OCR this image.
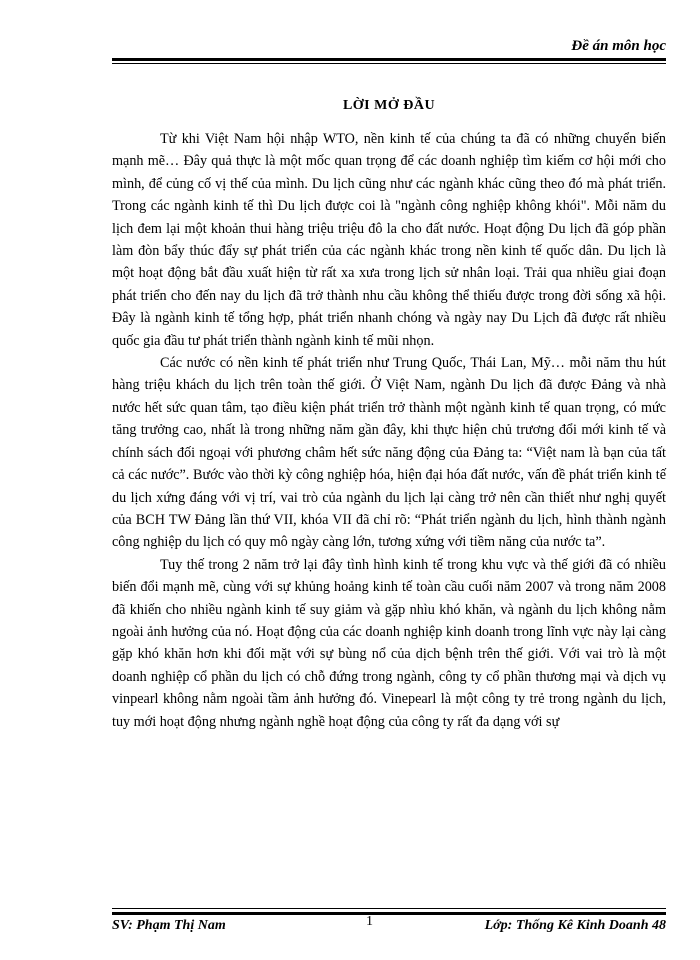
Đề án môn học
LỜI MỞ ĐẦU

Từ khi Việt Nam hội nhập WTO, nền kinh tế của chúng ta đã có những chuyển biến mạnh mẽ… Đây quả thực là một mốc quan trọng để các doanh nghiệp tìm kiếm cơ hội mới cho mình, để củng cố vị thế của mình. Du lịch cũng như các ngành khác cũng theo đó mà phát triển. Trong các ngành kinh tế thì Du lịch được coi là "ngành công nghiệp không khói". Mỗi năm du lịch đem lại một khoản thui hàng triệu triệu đô la cho đất nước. Hoạt động Du lịch đã góp phần làm đòn bẩy thúc đẩy sự phát triển của các ngành khác trong nền kinh tế quốc dân. Du lịch là một hoạt động bắt đầu xuất hiện từ rất xa xưa trong lịch sử nhân loại. Trải qua nhiều giai đoạn phát triển cho đến nay du lịch đã trở thành nhu cầu không thể thiếu được trong đời sống xã hội. Đây là ngành kinh tế tổng hợp, phát triển nhanh chóng và ngày nay Du Lịch đã được rất nhiều quốc gia đầu tư phát triển thành ngành kinh tế mũi nhọn.

Các nước có nền kinh tế phát triển như Trung Quốc, Thái Lan, Mỹ… mỗi năm thu hút hàng triệu khách du lịch trên toàn thế giới. Ở Việt Nam, ngành Du lịch đã được Đảng và nhà nước hết sức quan tâm, tạo điều kiện phát triển trở thành một ngành kinh tế quan trọng, có mức tăng trưởng cao, nhất là trong những năm gần đây, khi thực hiện chủ trương đổi mới kinh tế và chính sách đối ngoại với phương châm hết sức năng động của Đảng ta: “Việt nam là bạn của tất cả các nước”. Bước vào thời kỳ công nghiệp hóa, hiện đại hóa đất nước, vấn đề phát triển kinh tế du lịch xứng đáng với vị trí, vai trò của ngành du lịch lại càng trở nên cần thiết như nghị quyết của BCH TW Đảng lần thứ VII, khóa VII đã chỉ rõ: “Phát triển ngành du lịch, hình thành ngành công nghiệp du lịch có quy mô ngày càng lớn, tương xứng với tiềm năng của nước ta”.

Tuy thế trong 2 năm trở lại đây tình hình kinh tế trong khu vực và thế giới đã có nhiều biến đổi mạnh mẽ, cùng với sự khủng hoảng kinh tế toàn cầu cuối năm 2007 và trong năm 2008 đã khiến cho nhiều ngành kinh tế suy giảm và gặp nhìu khó khăn, và ngành du lịch không nằm ngoài ảnh hưởng của nó. Hoạt động của các doanh nghiệp kinh doanh trong lĩnh vực này lại càng gặp khó khăn hơn khi đối mặt với sự bùng nổ của dịch bệnh trên thế giới. Với vai trò là một doanh nghiệp cổ phần du lịch có chỗ đứng trong ngành, công ty cổ phần thương mại và dịch vụ vinpearl không nằm ngoài tầm ảnh hưởng đó. Vinepearl là một công ty trẻ trong ngành du lịch, tuy mới hoạt động nhưng ngành nghề hoạt động của công ty rất đa dạng với sự

SV: Phạm Thị Nam	1	Lớp: Thống Kê Kinh Doanh 48
